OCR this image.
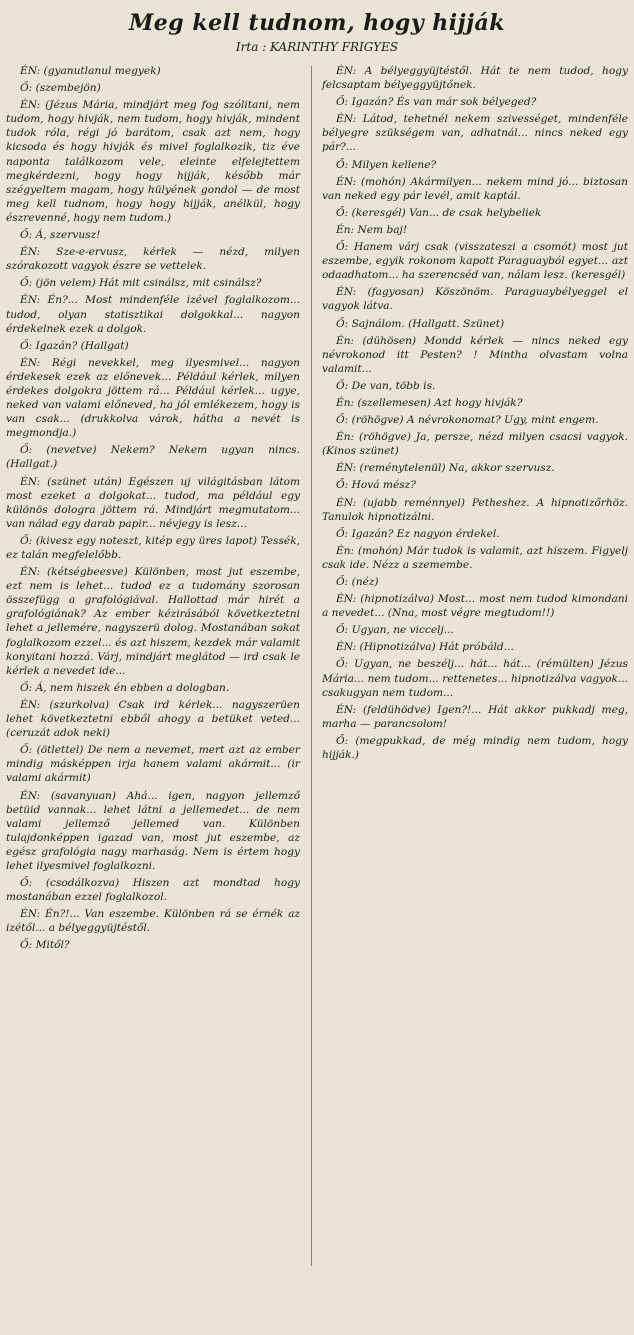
Meg kell tudnom, hogy hijják
Irta : KARINTHY FRIGYES

ÉN: (gyanutlanul megyek)

Ő: (szembejön)

ÉN: (Jézus Mária, mindjárt meg fog szólitani, nem tudom, hogy hivják, nem tudom, hogy hivják, mindent tudok róla, régi jó barátom, csak azt nem, hogy kicsoda és hogy hivják és mivel foglalkozik, tiz éve naponta találkozom vele, eleinte elfelejtettem megkérdezni, hogy hogy hijják, később már szégyeltem magam, hogy hülyének gondol — de most meg kell tudnom, hogy hogy hijják, anélkül, hogy észrevenné, hogy nem tudom.)

Ő: Á, szervusz!

ÉN: Sze-e-ervusz, kérlek — nézd, milyen szórakozott vagyok észre se vettelek.

Ő: (jön velem) Hát mit csinálsz, mit csinálsz?

ÉN: Én?... Most mindenféle izével foglalkozom... tudod, olyan statisztikai dolgokkal... nagyon érdekelnek ezek a dolgok.

Ő: Igazán? (Hallgat)

ÉN: Régi nevekkel, meg ilyesmivel... nagyon érdekesek ezek az előnevek... Például kérlek, milyen érdekes dolgokra jöttem rá... Például kérlek... ugye, neked van valami előneved, ha jól emlékezem, hogy is van csak... (drukkolva várok, hátha a nevét is megmondja.)

Ő: (nevetve) Nekem? Nekem ugyan nincs. (Hallgat.)

ÉN: (szünet után) Egészen uj világitásban látom most ezeket a dolgokat... tudod, ma például egy különös dologra jöttem rá. Mindjárt megmutatom... van nálad egy darab papir... névjegy is lesz...

Ő: (kivesz egy noteszt, kitép egy üres lapot) Tessék, ez talán megfelelőbb.

ÉN: (kétségbeesve) Különben, most jut eszembe, ezt nem is lehet... tudod ez a tudomány szorosan összefügg a grafológiával. Hallottad már hirét a grafológiának? Az ember kézirásából következtetni lehet a jellemére, nagyszerü dolog. Mostanában sokat foglalkozom ezzel... és azt hiszem, kezdek már valamit konyitani hozzá. Várj, mindjárt meglátod — ird csak le kérlek a nevedet ide...

Ő: Á, nem hiszek én ebben a dologban.

ÉN: (szurkolva) Csak ird kérlek... nagyszerüen lehet következtetni ebből ahogy a betüket veted... (ceruzát adok neki)

Ő: (ötlettel) De nem a nevemet, mert azt az ember mindig másképpen irja hanem valami akármit... (ir valami akármit)

ÉN: (savanyuan) Ahá... igen, nagyon jellemző betüid vannak... lehet látni a jellemedet... de nem valami jellemző jellemed van. Különben tulajdonképpen igazad van, most jut eszembe, az egész grafológia nagy marhaság. Nem is értem hogy lehet ilyesmivel foglalkozni.

Ő: (csodálkozva) Hiszen azt mondtad hogy mostanában ezzel foglalkozol.

ÉN: Én?!... Van eszembe. Különben rá se érnék az izétől... a bélyeggyüjtéstől.

Ő: Mitől?

ÉN: A bélyeggyüjtéstől. Hát te nem tudod, hogy felcsaptam bélyeggyüjtőnek.

Ő: Igazán? És van már sok bélyeged?

ÉN: Látod, tehetnél nekem szivességet, mindenféle bélyegre szükségem van, adhatnál... nincs neked egy pár?...

Ő: Milyen kellene?

ÉN: (mohón) Akármilyen... nekem mind jó... biztosan van neked egy pár levél, amit kaptál.

Ő: (keresgél) Van... de csak helybeliek

Én: Nem baj!

Ő: Hanem várj csak (visszateszi a csomót) most jut eszembe, egyik rokonom kapott Paraguayból egyet... azt odaadhatom... ha szerencséd van, nálam lesz. (keresgél)

ÉN: (fagyosan) Köszönöm. Paraguaybélyeggel el vagyok látva.

Ő: Sajnálom. (Hallgatt. Szünet)

Én: (dühösen) Mondd kérlek — nincs neked egy névrokonod itt Pesten? ! Mintha olvastam volna valamit...

Ő: De van, több is.

Én: (szellemesen) Azt hogy hivják?

Ő: (röhögve) A névrokonomat? Ugy, mint engem.

Én: (röhögve) Ja, persze, nézd milyen csacsi vagyok. (Kinos szünet)

ÉN: (reménytelenül) Na, akkor szervusz.

Ő: Hová mész?

ÉN: (ujabb reménnyel) Petheshez. A hipnotizőrhöz. Tanulok hipnotizálni.

Ő: Igazán? Ez nagyon érdekel.

Én: (mohón) Már tudok is valamit, azt hiszem. Figyelj csak ide. Nézz a szemembe.

Ő: (néz)

ÉN: (hipnotizálva) Most... most nem tudod kimondani a nevedet... (Nna, most végre megtudom!!)

Ő: Ugyan, ne viccelj...

ÉN: (Hipnotizálva) Hát próbáld...

Ő: Ugyan, ne beszélj... hát... hát... (rémülten) Jézus Mária... nem tudom... rettenetes... hipnotizálva vagyok... csakugyan nem tudom...

ÉN: (feldühödve) Igen?!... Hát akkor pukkadj meg, marha — parancsolom!

Ő: (megpukkad, de még mindig nem tudom, hogy hijják.)
